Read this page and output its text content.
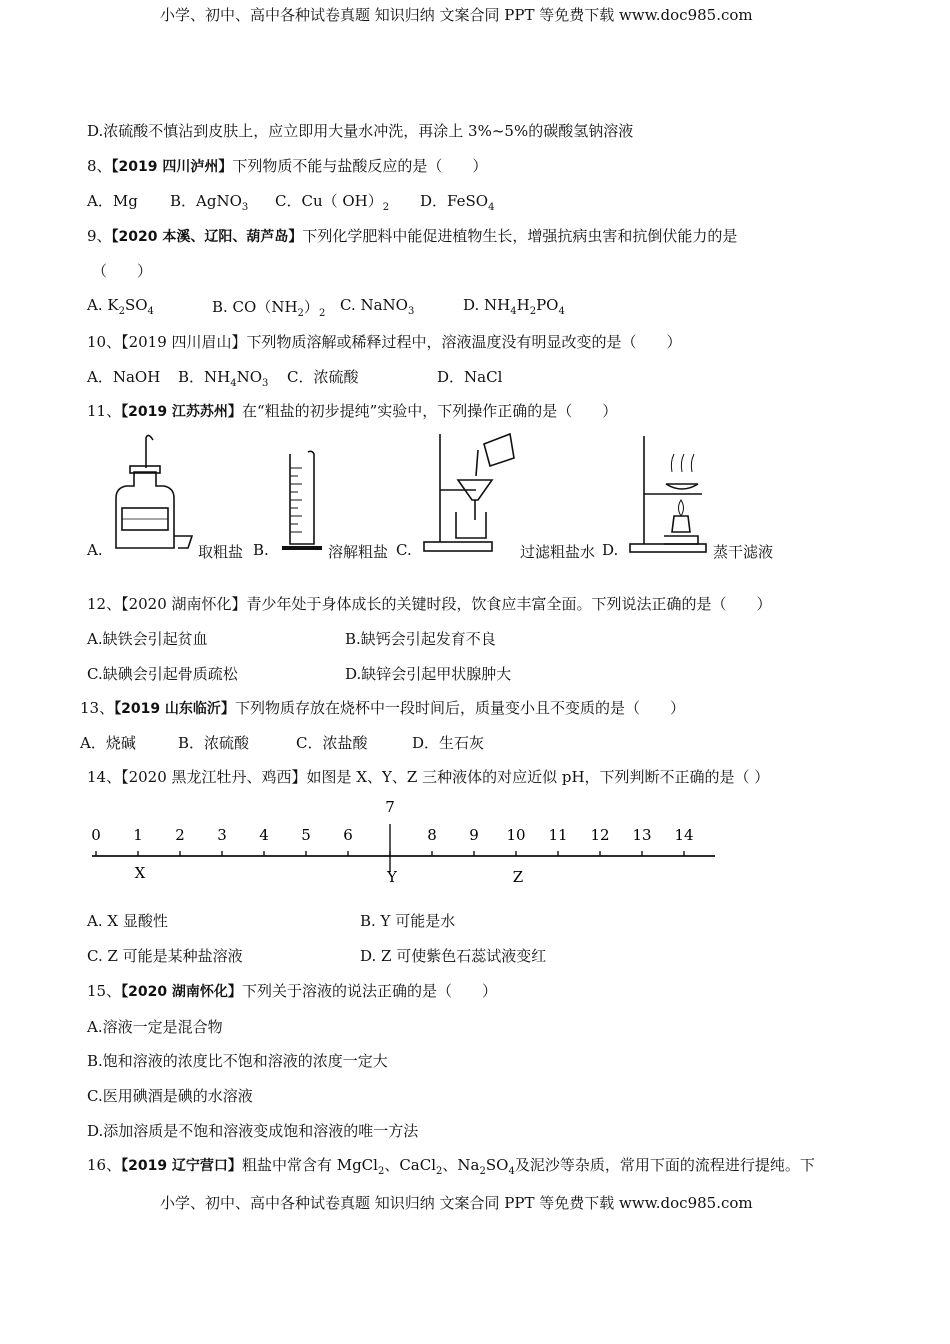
小学、初中、高中各种试卷真题 知识归纳 文案合同 PPT 等免费下载 www.doc985.com
D.浓硫酸不慎沾到皮肤上，应立即用大量水冲洗，再涂上 3%~5%的碳酸氢钠溶液
8、【2019 四川泸州】下列物质不能与盐酸反应的是（　　）
A．Mg B．AgNO$_3$ C．Cu（ $OH)_2$ D．FeSO$_4$
9、【2020 本溪、辽阳、葫芦岛】下列化学肥料中能促进植物生长，增强抗病虫害和抗倒伏能力的是
（　　）
A. $K_2SO_4$	B. $CO(NH_2)_2$ C. NaNO$_3$	D. $NH_4H_2PO_4$
10、【2019 四川眉山】下列物质溶解或稀释过程中，溶液温度没有明显改变的是（　　）
A．NaOH B．$NH_4NO_3$ C．浓硫酸	D．NaCl
11、【2019 江苏苏州】在“粗盐的初步提纯”实验中，下列操作正确的是（　　）
A.	取粗盐 B.	溶解粗盐 C.	过滤粗盐水 D.	蒸干滤液
12、【2020 湖南怀化】青少年处于身体成长的关键时段，饮食应丰富全面。下列说法正确的是（　　）
A.缺铁会引起贫血	B.缺钙会引起发育不良
C.缺碘会引起骨质疏松	D.缺锌会引起甲状腺肿大
13、【2019 山东临沂】下列物质存放在烧杯中一段时间后，质量变小且不变质的是（　　）
A．烧碱	B．浓硫酸	C．浓盐酸	D．生石灰
14、【2020 黑龙江牡丹、鸡西】如图是 X、Y、Z 三种液体的对应近似 pH，下列判断不正确的是（ ）
0 1 2 3 4 5 6
7
8 9 10 11 12 13 14
X	Y	Z
A. X 显酸性	B. Y 可能是水
C. Z 可能是某种盐溶液	D. Z 可使紫色石蕊试液变红
15、【2020 湖南怀化】下列关于溶液的说法正确的是（　　）
A.溶液一定是混合物
B.饱和溶液的浓度比不饱和溶液的浓度一定大
C.医用碘酒是碘的水溶液
D.添加溶质是不饱和溶液变成饱和溶液的唯一方法
16、【2019 辽宁营口】粗盐中常含有 MgCl$_2$、CaCl$_2$、$Na_2SO_4$及泥沙等杂质，常用下面的流程进行提纯。下
小学、初中、高中各种试卷真题 知识归纳 文案合同 PPT 等免费下载 www.doc985.com
